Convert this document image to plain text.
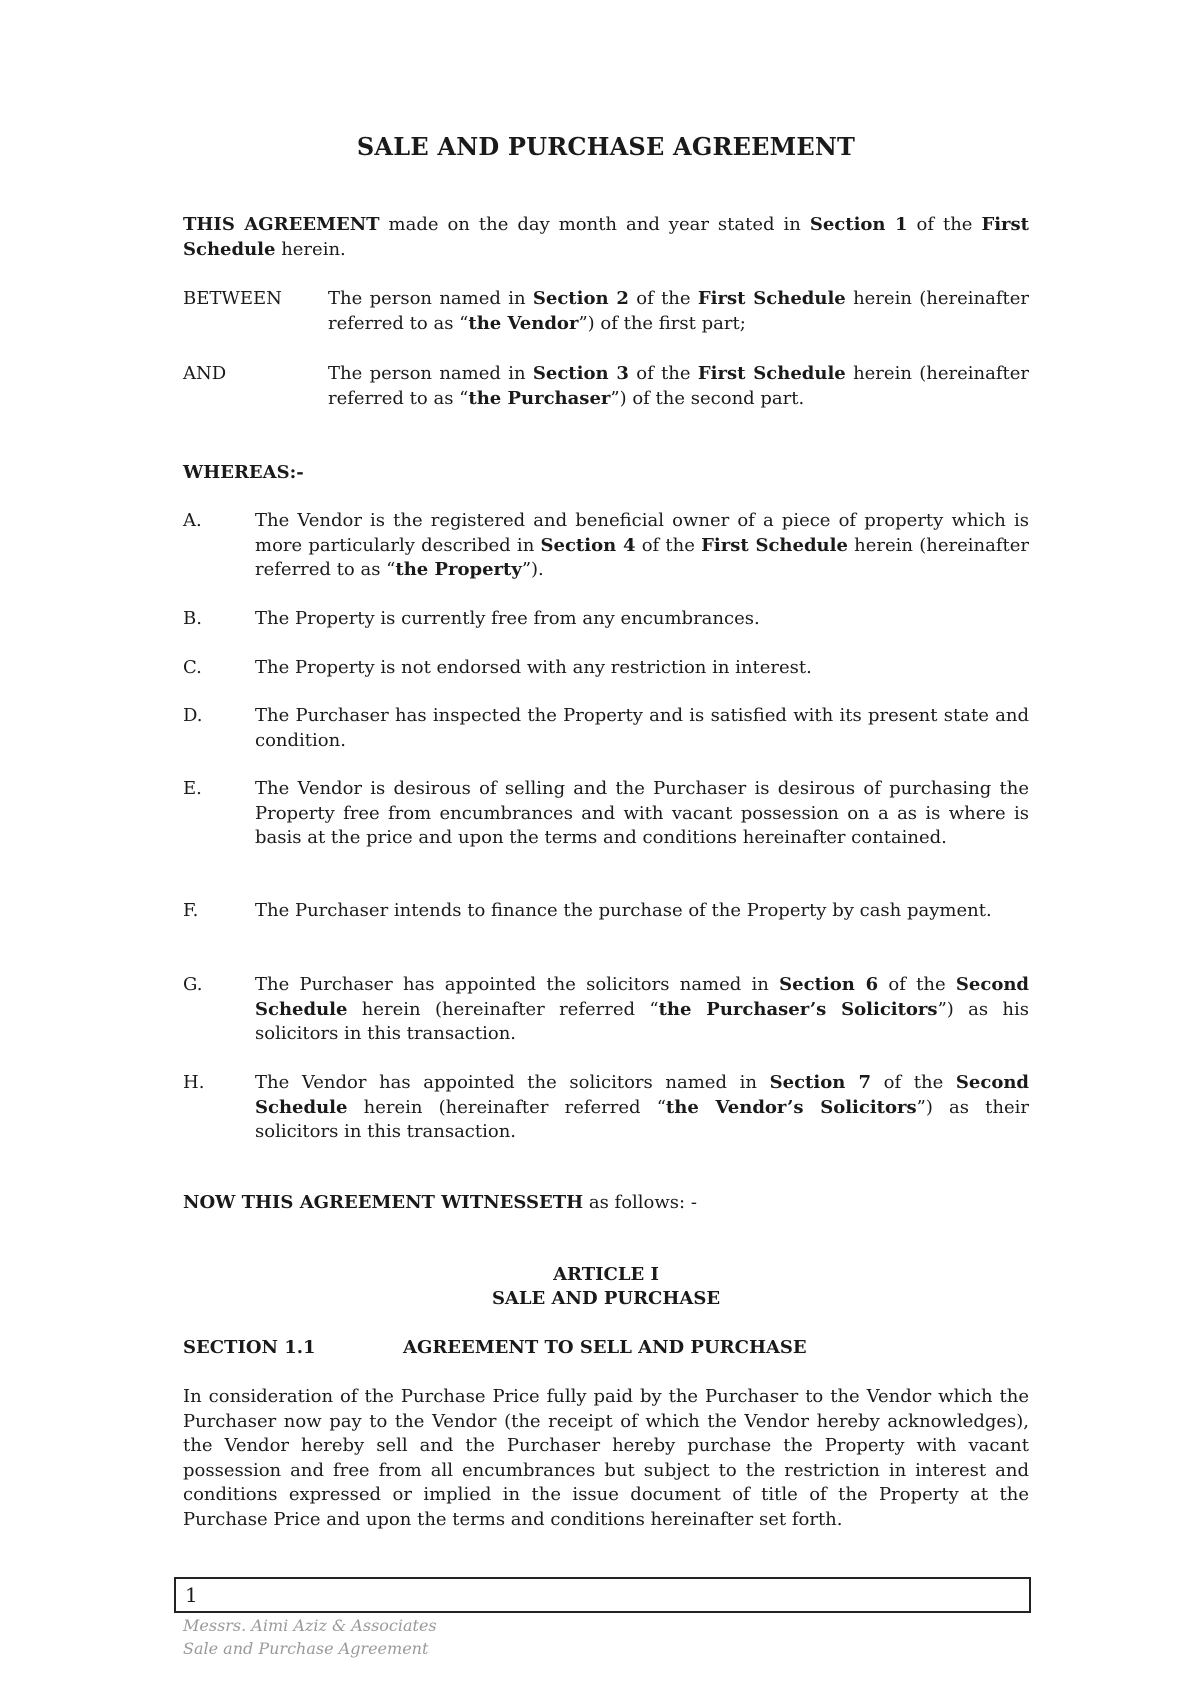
SALE AND PURCHASE AGREEMENT
THIS AGREEMENT made on the day month and year stated in Section 1 of the First Schedule herein.
BETWEEN	The person named in Section 2 of the First Schedule herein (hereinafter referred to as “the Vendor”) of the first part;
AND	The person named in Section 3 of the First Schedule herein (hereinafter referred to as “the Purchaser”) of the second part.
WHEREAS:-
A.	The Vendor is the registered and beneficial owner of a piece of property which is more particularly described in Section 4 of the First Schedule herein (hereinafter referred to as “the Property”).
B.	The Property is currently free from any encumbrances.
C.	The Property is not endorsed with any restriction in interest.
D.	The Purchaser has inspected the Property and is satisfied with its present state and condition.
E.	The Vendor is desirous of selling and the Purchaser is desirous of purchasing the Property free from encumbrances and with vacant possession on a as is where is basis at the price and upon the terms and conditions hereinafter contained.
F.	The Purchaser intends to finance the purchase of the Property by cash payment.
G.	The Purchaser has appointed the solicitors named in Section 6 of the Second Schedule herein (hereinafter referred “the Purchaser’s Solicitors”) as his solicitors in this transaction.
H.	The Vendor has appointed the solicitors named in Section 7 of the Second Schedule herein (hereinafter referred “the Vendor’s Solicitors”) as their solicitors in this transaction.
NOW THIS AGREEMENT WITNESSETH as follows: -
ARTICLE I
SALE AND PURCHASE
SECTION 1.1	AGREEMENT TO SELL AND PURCHASE
In consideration of the Purchase Price fully paid by the Purchaser to the Vendor which the Purchaser now pay to the Vendor (the receipt of which the Vendor hereby acknowledges), the Vendor hereby sell and the Purchaser hereby purchase the Property with vacant possession and free from all encumbrances but subject to the restriction in interest and conditions expressed or implied in the issue document of title of the Property at the Purchase Price and upon the terms and conditions hereinafter set forth.
1
Messrs. Aimi Aziz & Associates
Sale and Purchase Agreement
